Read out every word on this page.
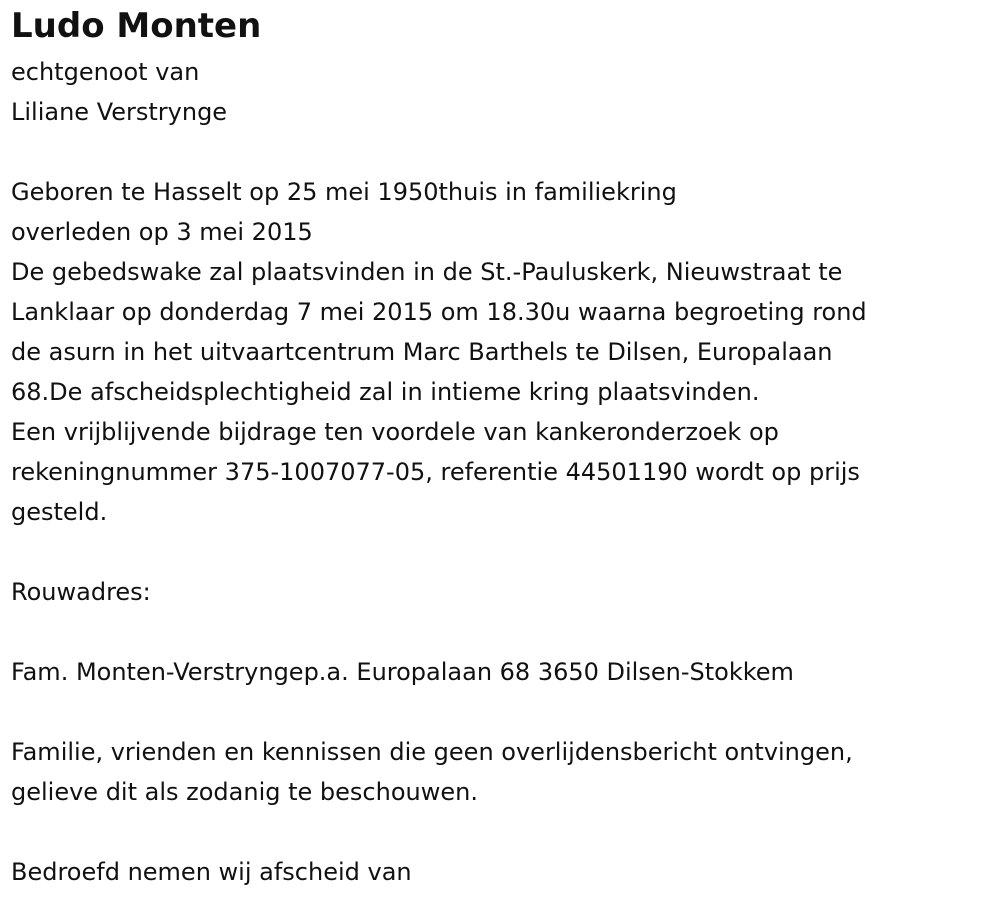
Ludo Monten

echtgenoot van

Liliane Verstrynge

Geboren te Hasselt op 25 mei 1950thuis in familiekring

overleden op 3 mei 2015

De gebedswake zal plaatsvinden in de St.-Pauluskerk, Nieuwstraat te

Lanklaar op donderdag 7 mei 2015 om 18.30u waarna begroeting rond

de asurn in het uitvaartcentrum Marc Barthels te Dilsen, Europalaan

68.De afscheidsplechtigheid zal in intieme kring plaatsvinden.

Een vrijblijvende bijdrage ten voordele van kankeronderzoek op

rekeningnummer 375-1007077-05, referentie 44501190 wordt op prijs

gesteld.

Rouwadres:

Fam. Monten-Verstryngep.a. Europalaan 68 3650 Dilsen-Stokkem

Familie, vrienden en kennissen die geen overlijdensbericht ontvingen,

gelieve dit als zodanig te beschouwen.

Bedroefd nemen wij afscheid van
